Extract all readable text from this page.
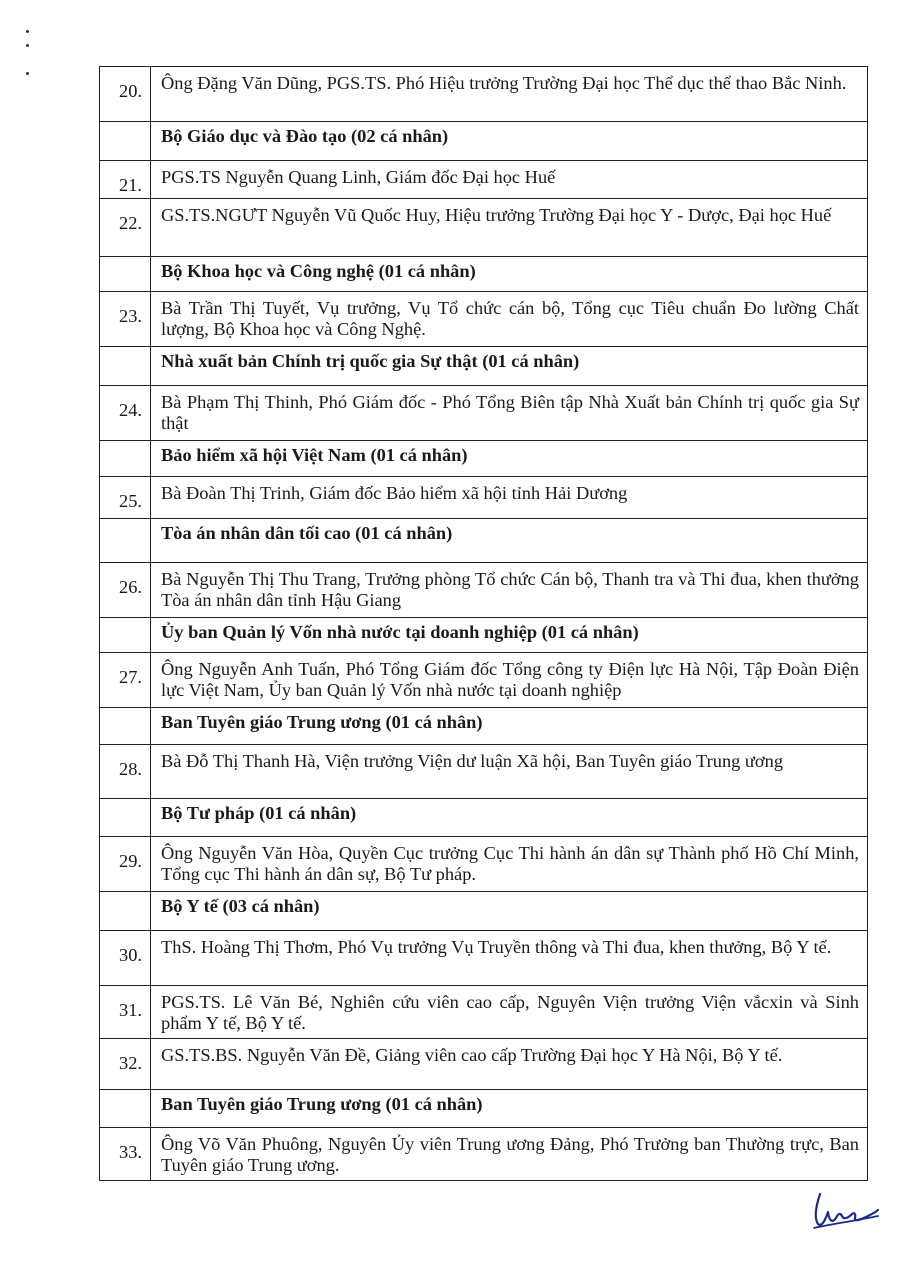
20.	Ông Đặng Văn Dũng, PGS.TS. Phó Hiệu trưởng Trường Đại học Thể dục thể thao Bắc Ninh.
	Bộ Giáo dục và Đào tạo (02 cá nhân)
21.	PGS.TS Nguyễn Quang Linh, Giám đốc Đại học Huế
22.	GS.TS.NGƯT Nguyễn Vũ Quốc Huy, Hiệu trưởng Trường Đại học Y - Dược, Đại học Huế
	Bộ Khoa học và Công nghệ (01 cá nhân)
23.	Bà Trần Thị Tuyết, Vụ trưởng, Vụ Tổ chức cán bộ, Tổng cục Tiêu chuẩn Đo lường Chất lượng, Bộ Khoa học và Công Nghệ.
	Nhà xuất bản Chính trị quốc gia Sự thật (01 cá nhân)
24.	Bà Phạm Thị Thinh, Phó Giám đốc - Phó Tổng Biên tập Nhà Xuất bản Chính trị quốc gia Sự thật
	Bảo hiểm xã hội Việt Nam (01 cá nhân)
25.	Bà Đoàn Thị Trinh, Giám đốc Bảo hiểm xã hội tỉnh Hải Dương
	Tòa án nhân dân tối cao (01 cá nhân)
26.	Bà Nguyễn Thị Thu Trang, Trưởng phòng Tổ chức Cán bộ, Thanh tra và Thi đua, khen thưởng Tòa án nhân dân tỉnh Hậu Giang
	Ủy ban Quản lý Vốn nhà nước tại doanh nghiệp (01 cá nhân)
27.	Ông Nguyễn Anh Tuấn, Phó Tổng Giám đốc Tổng công ty Điện lực Hà Nội, Tập Đoàn Điện lực Việt Nam, Ủy ban Quản lý Vốn nhà nước tại doanh nghiệp
	Ban Tuyên giáo Trung ương (01 cá nhân)
28.	Bà Đỗ Thị Thanh Hà, Viện trưởng Viện dư luận Xã hội, Ban Tuyên giáo Trung ương
	Bộ Tư pháp (01 cá nhân)
29.	Ông Nguyễn Văn Hòa, Quyền Cục trưởng Cục Thi hành án dân sự Thành phố Hồ Chí Minh, Tổng cục Thi hành án dân sự, Bộ Tư pháp.
	Bộ Y tế (03 cá nhân)
30.	ThS. Hoàng Thị Thơm, Phó Vụ trưởng Vụ Truyền thông và Thi đua, khen thưởng, Bộ Y tế.
31.	PGS.TS. Lê Văn Bé, Nghiên cứu viên cao cấp, Nguyên Viện trưởng Viện vắcxin và Sinh phẩm Y tế, Bộ Y tế.
32.	GS.TS.BS. Nguyễn Văn Đề, Giảng viên cao cấp Trường Đại học Y Hà Nội, Bộ Y tế.
	Ban Tuyên giáo Trung ương (01 cá nhân)
33.	Ông Võ Văn Phuông, Nguyên Ủy viên Trung ương Đảng, Phó Trưởng ban Thường trực, Ban Tuyên giáo Trung ương.
